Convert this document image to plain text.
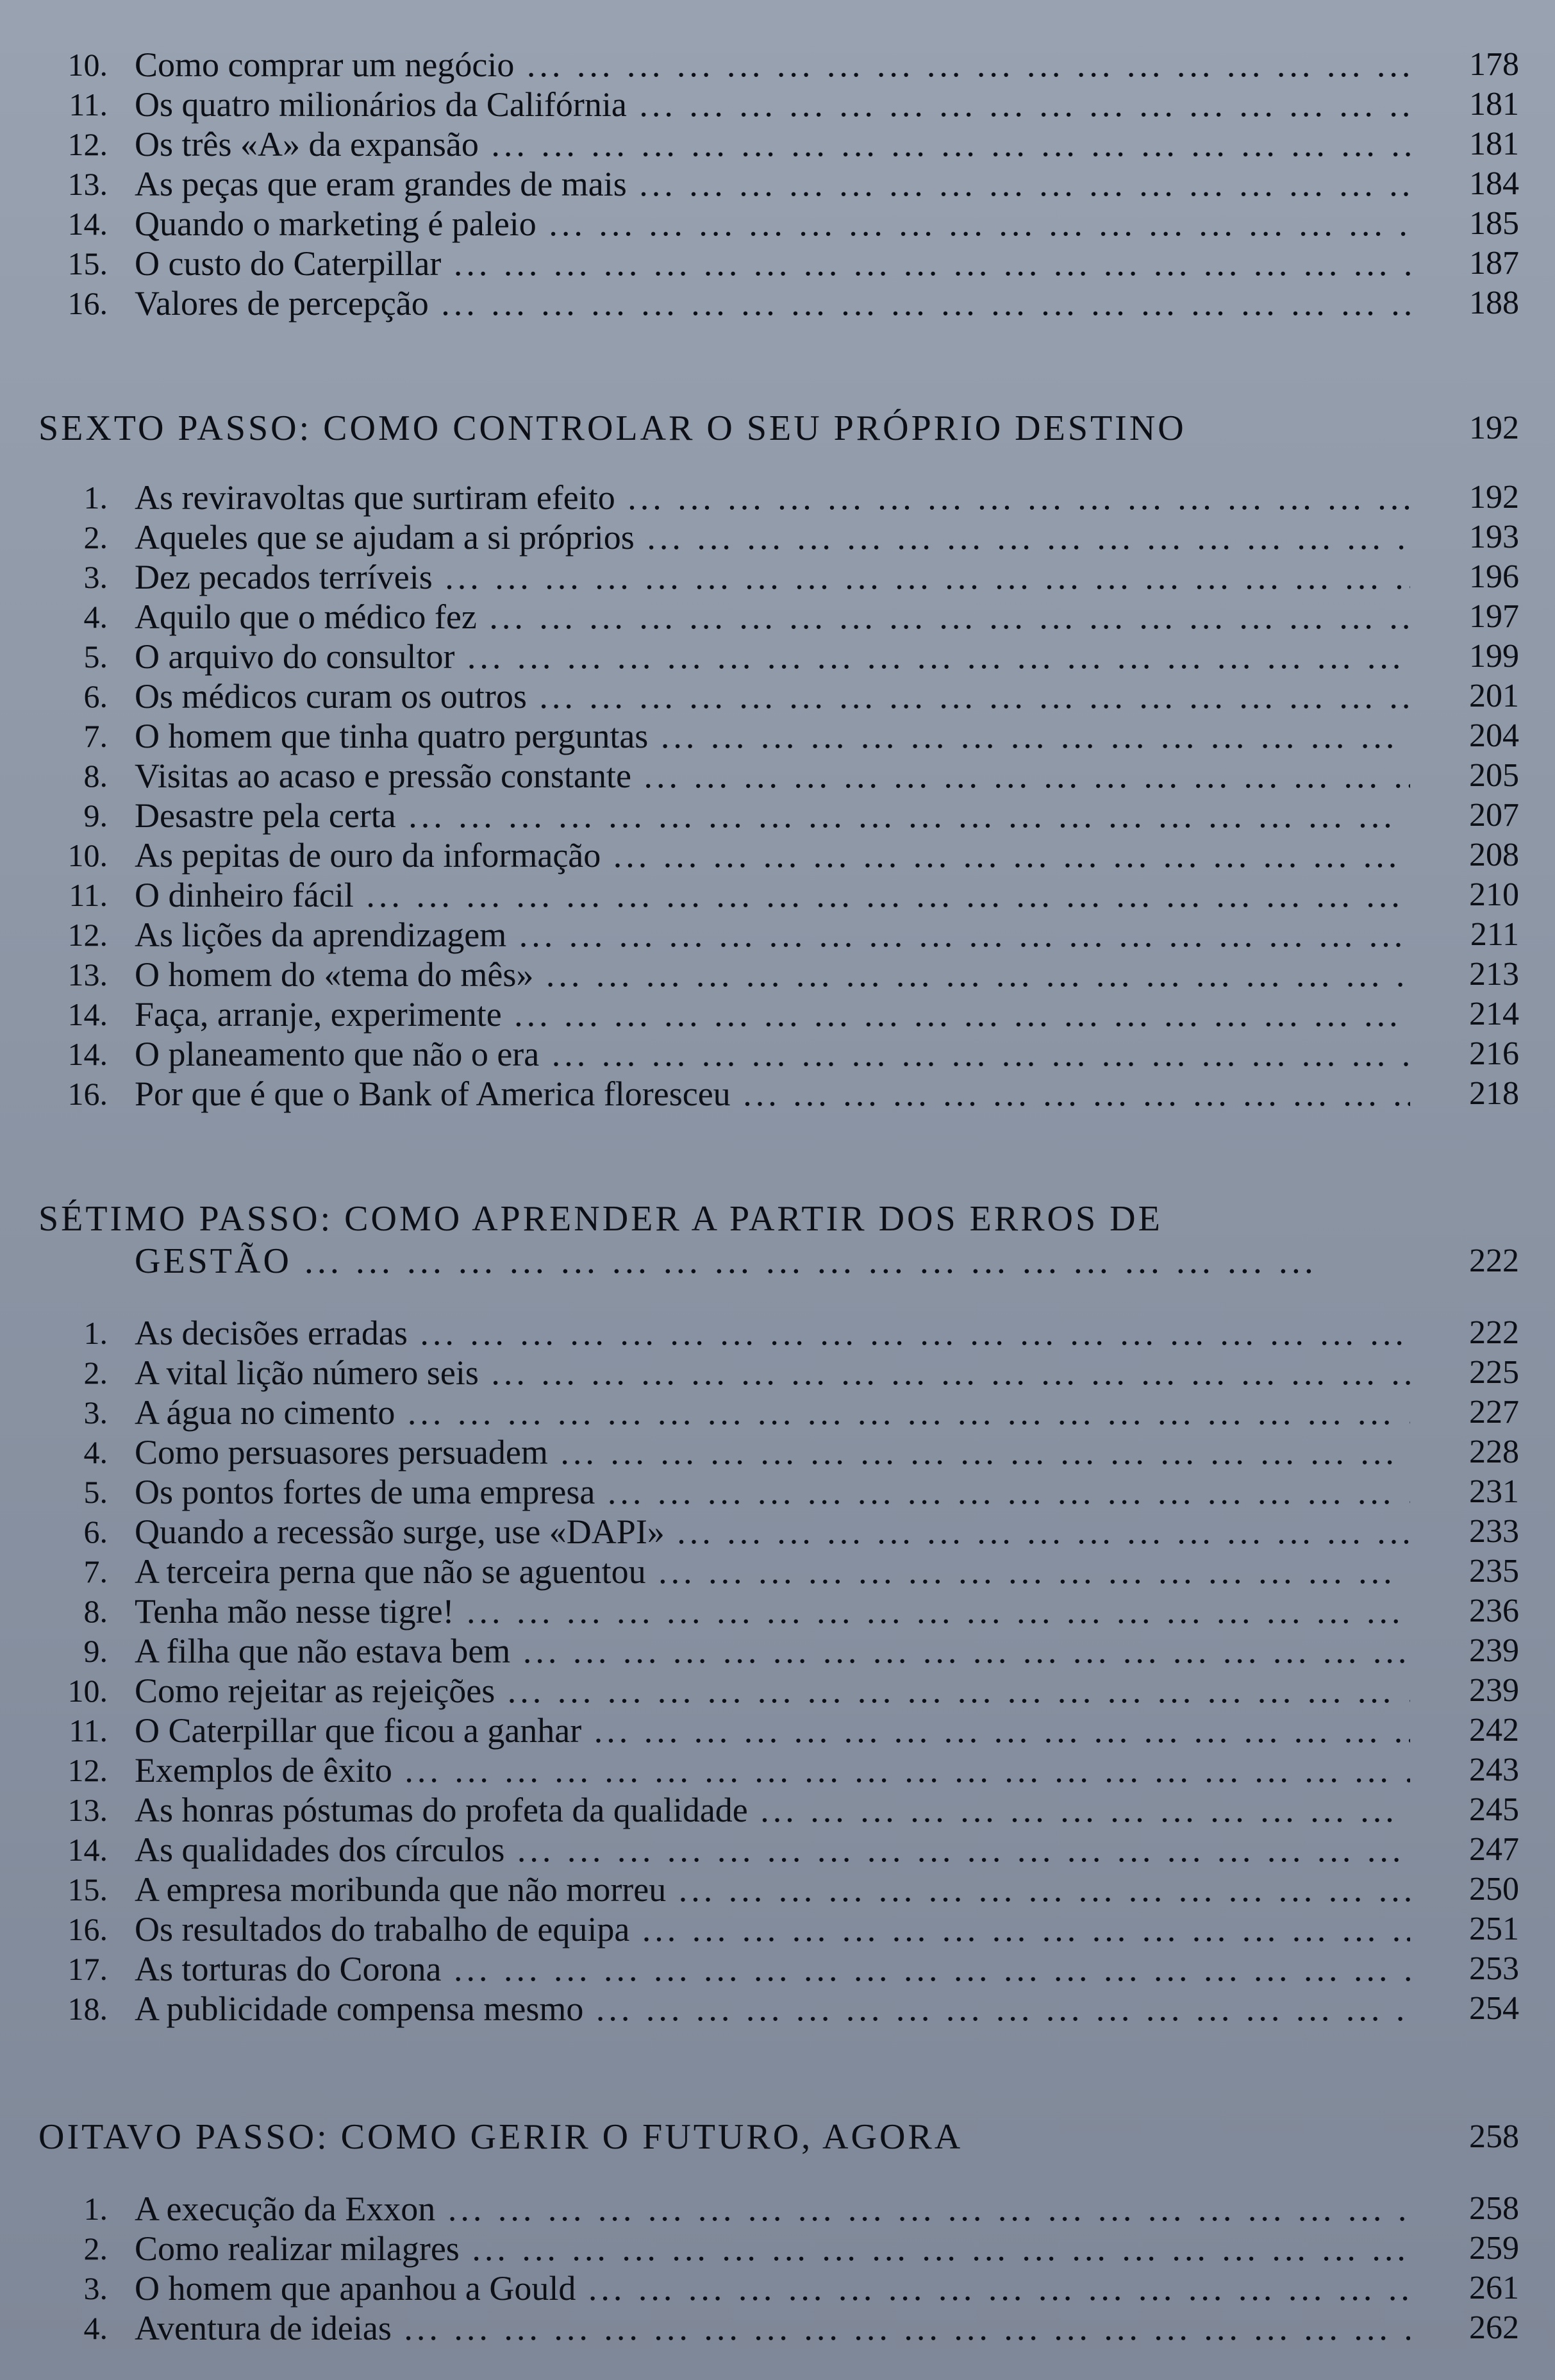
10. Como comprar um negócio ... .	178
11. Os quatro milionários da Califórnia ... .	181
12. Os três «A» da expansão ... .	181
13. As peças que eram grandes de mais ... .	184
14. Quando o marketing é paleio ... .	185
15. O custo do Caterpillar ... .	187
16. Valores de percepção ... .	188
SEXTO PASSO: COMO CONTROLAR O SEU PRÓPRIO DESTINO	192
1. As reviravoltas que surtiram efeito ... .	192
2. Aqueles que se ajudam a si próprios ... .	193
3. Dez pecados terríveis ... .	196
4. Aquilo que o médico fez ... .	197
5. O arquivo do consultor ... .	199
6. Os médicos curam os outros ... .	201
7. O homem que tinha quatro perguntas ... .	204
8. Visitas ao acaso e pressão constante ... .	205
9. Desastre pela certa ... .	207
10. As pepitas de ouro da informação ... .	208
11. O dinheiro fácil ... .	210
12. As lições da aprendizagem ... .	211
13. O homem do «tema do mês» ... .	213
14. Faça, arranje, experimente ... .	214
14. O planeamento que não o era ... .	216
16. Por que é que o Bank of America floresceu ... .	218
SÉTIMO PASSO: COMO APRENDER A PARTIR DOS ERROS DE
GESTÃO ... .	222
1. As decisões erradas ... .	222
2. A vital lição número seis ... .	225
3. A água no cimento ... .	227
4. Como persuasores persuadem ... .	228
5. Os pontos fortes de uma empresa ... .	231
6. Quando a recessão surge, use «DAPI» ... .	233
7. A terceira perna que não se aguentou ... .	235
8. Tenha mão nesse tigre! ... .	236
9. A filha que não estava bem ... .	239
10. Como rejeitar as rejeições ... .	239
11. O Caterpillar que ficou a ganhar ... .	242
12. Exemplos de êxito ... .	243
13. As honras póstumas do profeta da qualidade ... .	245
14. As qualidades dos círculos ... .	247
15. A empresa moribunda que não morreu ... .	250
16. Os resultados do trabalho de equipa ... .	251
17. As torturas do Corona ... .	253
18. A publicidade compensa mesmo ... .	254
OITAVO PASSO: COMO GERIR O FUTURO, AGORA	258
1. A execução da Exxon ... .	258
2. Como realizar milagres ... .	259
3. O homem que apanhou a Gould ... .	261
4. Aventura de ideias ... .	262
